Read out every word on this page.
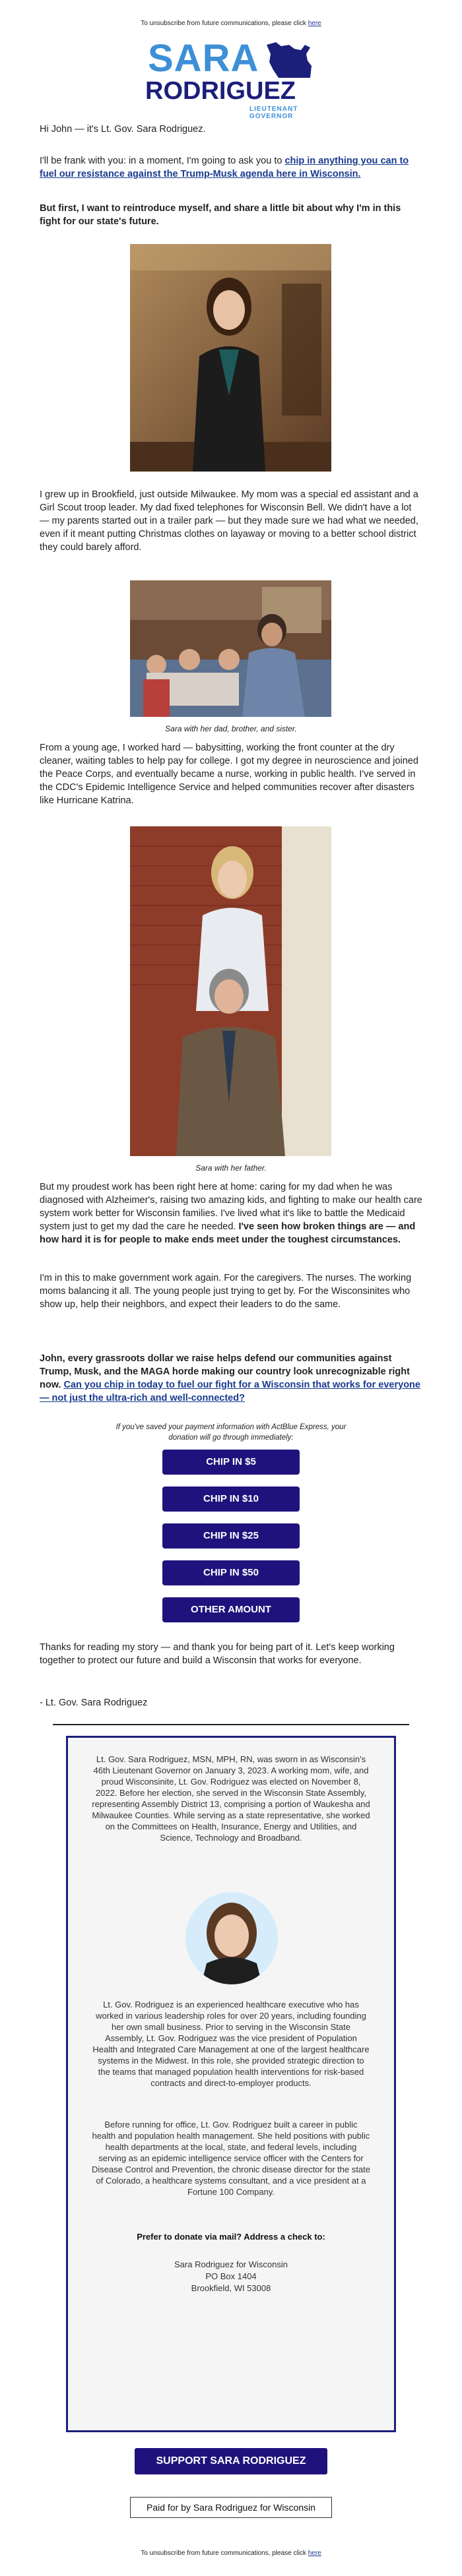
To unsubscribe from future communications, please click here
SARA
RODRIGUEZ
LIEUTENANT GOVERNOR
Hi John — it's Lt. Gov. Sara Rodriguez.
I'll be frank with you: in a moment, I'm going to ask you to chip in anything you can to fuel our resistance against the Trump-Musk agenda here in Wisconsin.
But first, I want to reintroduce myself, and share a little bit about why I'm in this fight for our state's future.
I grew up in Brookfield, just outside Milwaukee. My mom was a special ed assistant and a Girl Scout troop leader. My dad fixed telephones for Wisconsin Bell. We didn't have a lot — my parents started out in a trailer park — but they made sure we had what we needed, even if it meant putting Christmas clothes on layaway or moving to a better school district they could barely afford.
Sara with her dad, brother, and sister.
From a young age, I worked hard — babysitting, working the front counter at the dry cleaner, waiting tables to help pay for college. I got my degree in neuroscience and joined the Peace Corps, and eventually became a nurse, working in public health. I've served in the CDC's Epidemic Intelligence Service and helped communities recover after disasters like Hurricane Katrina.
Sara with her father.
But my proudest work has been right here at home: caring for my dad when he was diagnosed with Alzheimer's, raising two amazing kids, and fighting to make our health care system work better for Wisconsin families. I've lived what it's like to battle the Medicaid system just to get my dad the care he needed. I've seen how broken things are — and how hard it is for people to make ends meet under the toughest circumstances.
I'm in this to make government work again. For the caregivers. The nurses. The working moms balancing it all. The young people just trying to get by. For the Wisconsinites who show up, help their neighbors, and expect their leaders to do the same.
John, every grassroots dollar we raise helps defend our communities against Trump, Musk, and the MAGA horde making our country look unrecognizable right now. Can you chip in today to fuel our fight for a Wisconsin that works for everyone — not just the ultra-rich and well-connected?
If you've saved your payment information with ActBlue Express, your donation will go through immediately:
CHIP IN $5
CHIP IN $10
CHIP IN $25
CHIP IN $50
OTHER AMOUNT
Thanks for reading my story — and thank you for being part of it. Let's keep working together to protect our future and build a Wisconsin that works for everyone.
- Lt. Gov. Sara Rodriguez
Lt. Gov. Sara Rodriguez, MSN, MPH, RN, was sworn in as Wisconsin's 46th Lieutenant Governor on January 3, 2023. A working mom, wife, and proud Wisconsinite, Lt. Gov. Rodriguez was elected on November 8, 2022. Before her election, she served in the Wisconsin State Assembly, representing Assembly District 13, comprising a portion of Waukesha and Milwaukee Counties. While serving as a state representative, she worked on the Committees on Health, Insurance, Energy and Utilities, and Science, Technology and Broadband.
Lt. Gov. Rodriguez is an experienced healthcare executive who has worked in various leadership roles for over 20 years, including founding her own small business. Prior to serving in the Wisconsin State Assembly, Lt. Gov. Rodriguez was the vice president of Population Health and Integrated Care Management at one of the largest healthcare systems in the Midwest. In this role, she provided strategic direction to the teams that managed population health interventions for risk-based contracts and direct-to-employer products.
Before running for office, Lt. Gov. Rodriguez built a career in public health and population health management. She held positions with public health departments at the local, state, and federal levels, including serving as an epidemic intelligence service officer with the Centers for Disease Control and Prevention, the chronic disease director for the state of Colorado, a healthcare systems consultant, and a vice president at a Fortune 100 Company.
Prefer to donate via mail? Address a check to:
Sara Rodriguez for Wisconsin
PO Box 1404
Brookfield, WI 53008
SUPPORT SARA RODRIGUEZ
Paid for by Sara Rodriguez for Wisconsin
To unsubscribe from future communications, please click here
